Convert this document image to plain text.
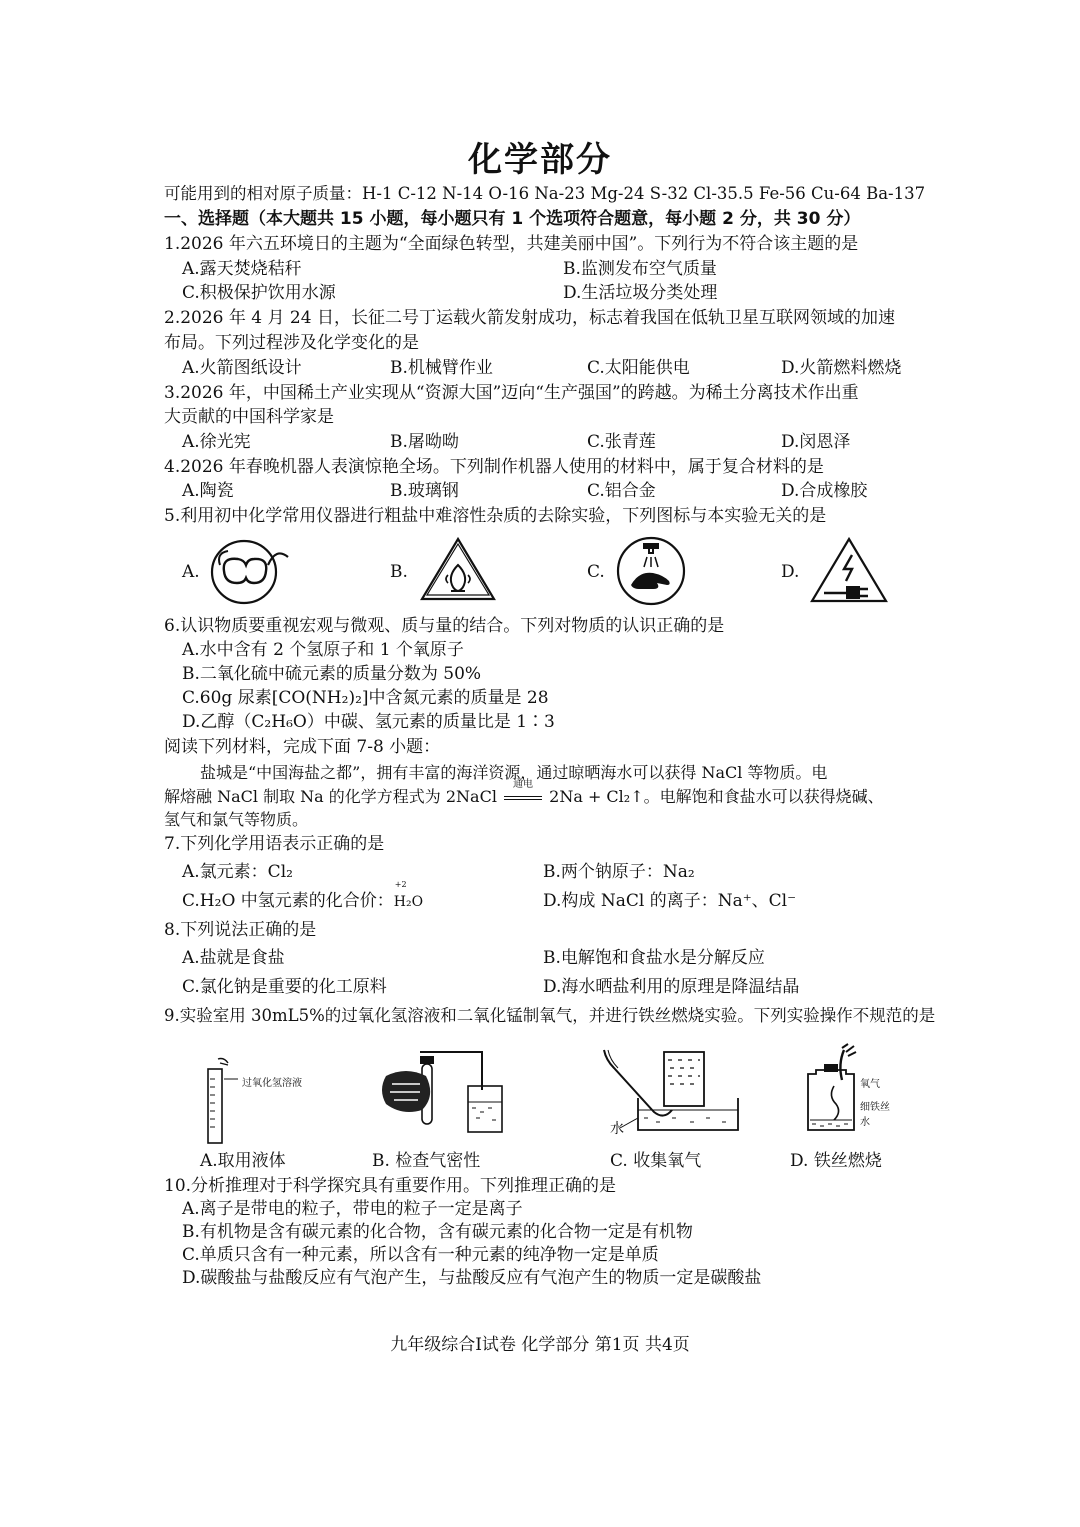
化学部分
可能用到的相对原子质量：H-1 C-12 N-14 O-16 Na-23 Mg-24 S-32 Cl-35.5 Fe-56 Cu-64 Ba-137
一、选择题（本大题共 15 小题，每小题只有 1 个选项符合题意，每小题 2 分，共 30 分）
1.2026 年六五环境日的主题为“全面绿色转型，共建美丽中国”。下列行为不符合该主题的是
A.露天焚烧秸秆	B.监测发布空气质量
C.积极保护饮用水源	D.生活垃圾分类处理
2.2026 年 4 月 24 日，长征二号丁运载火箭发射成功，标志着我国在低轨卫星互联网领域的加速
布局。下列过程涉及化学变化的是
A.火箭图纸设计	B.机械臂作业	C.太阳能供电	D.火箭燃料燃烧
3.2026 年，中国稀土产业实现从“资源大国”迈向“生产强国”的跨越。为稀土分离技术作出重
大贡献的中国科学家是
A.徐光宪	B.屠呦呦	C.张青莲	D.闵恩泽
4.2026 年春晚机器人表演惊艳全场。下列制作机器人使用的材料中，属于复合材料的是
A.陶瓷	B.玻璃钢	C.铝合金	D.合成橡胶
5.利用初中化学常用仪器进行粗盐中难溶性杂质的去除实验，下列图标与本实验无关的是
A.	B.	C.	D.
6.认识物质要重视宏观与微观、质与量的结合。下列对物质的认识正确的是
A.水中含有 2 个氢原子和 1 个氧原子
B.二氧化硫中硫元素的质量分数为 50%
C.60g 尿素[CO(NH₂)₂]中含氮元素的质量是 28
D.乙醇（C₂H₆O）中碳、氢元素的质量比是 1∶3
阅读下列材料，完成下面 7-8 小题：
盐城是“中国海盐之都”，拥有丰富的海洋资源，通过晾晒海水可以获得 NaCl 等物质。电
解熔融 NaCl 制取 Na 的化学方程式为 2NaCl
通电
2Na + Cl₂↑。电解饱和食盐水可以获得烧碱、
氢气和氯气等物质。
7.下列化学用语表示正确的是
A.氯元素：Cl₂	B.两个钠原子：Na₂
C.H₂O 中氢元素的化合价：
+2
H₂O	D.构成 NaCl 的离子：Na⁺、Cl⁻
8.下列说法正确的是
A.盐就是食盐	B.电解饱和食盐水是分解反应
C.氯化钠是重要的化工原料	D.海水晒盐利用的原理是降温结晶
9.实验室用 30mL5%的过氧化氢溶液和二氧化锰制氧气，并进行铁丝燃烧实验。下列实验操作不规范的是
过氧化氢溶液
水
氧气
细铁丝
水
A.取用液体	B. 检查气密性	C. 收集氧气	D. 铁丝燃烧
10.分析推理对于科学探究具有重要作用。下列推理正确的是
A.离子是带电的粒子，带电的粒子一定是离子
B.有机物是含有碳元素的化合物，含有碳元素的化合物一定是有机物
C.单质只含有一种元素，所以含有一种元素的纯净物一定是单质
D.碳酸盐与盐酸反应有气泡产生，与盐酸反应有气泡产生的物质一定是碳酸盐
九年级综合Ⅰ试卷 化学部分 第1页 共4页
